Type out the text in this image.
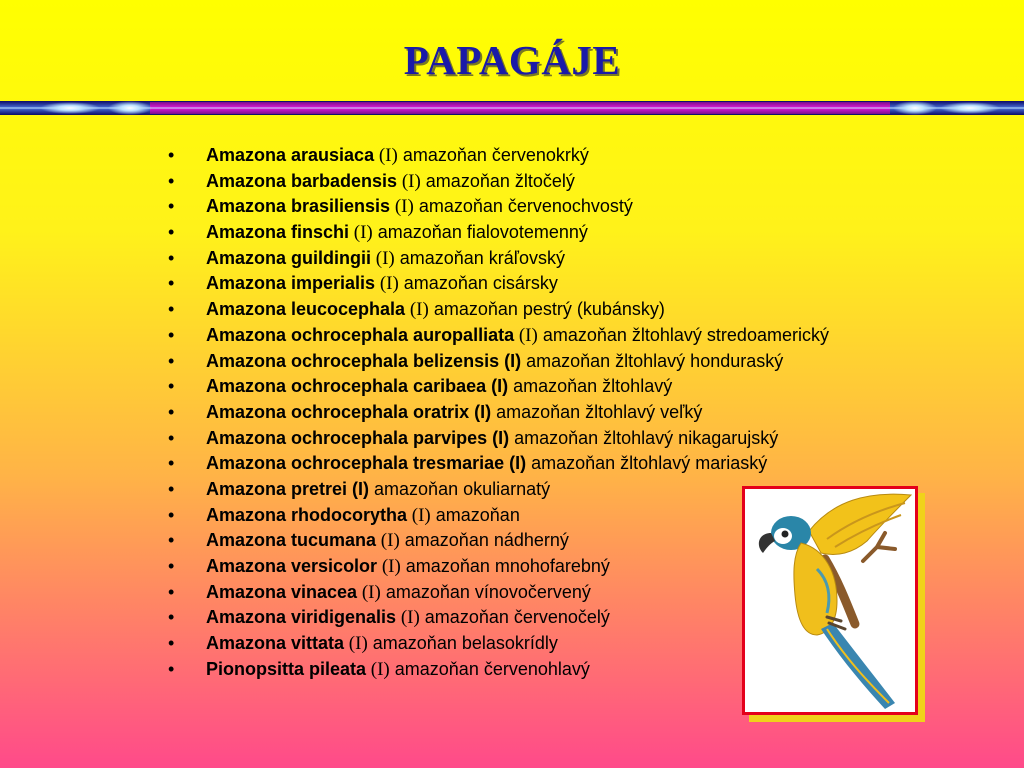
PAPAGÁJE
• Amazona arausiaca (I) amazoňan červenokrký
• Amazona barbadensis (I) amazoňan žltočelý
• Amazona brasiliensis (I) amazoňan červenochvostý
• Amazona finschi (I) amazoňan fialovotemenný
• Amazona guildingii (I) amazoňan kráľovský
• Amazona imperialis (I) amazoňan cisársky
• Amazona leucocephala (I) amazoňan pestrý (kubánsky)
• Amazona ochrocephala auropalliata (I) amazoňan žltohlavý stredoamerický
• Amazona ochrocephala belizensis (I) amazoňan žltohlavý honduraský
• Amazona ochrocephala caribaea (I) amazoňan žltohlavý
• Amazona ochrocephala oratrix (I) amazoňan žltohlavý veľký
• Amazona ochrocephala parvipes (I) amazoňan žltohlavý nikagarujský
• Amazona ochrocephala tresmariae (I) amazoňan žltohlavý mariaský
• Amazona pretrei (I) amazoňan okuliarnatý
• Amazona rhodocorytha (I) amazoňan
• Amazona tucumana (I) amazoňan nádherný
• Amazona versicolor (I) amazoňan mnohofarebný
• Amazona vinacea (I) amazoňan vínovočervený
• Amazona viridigenalis (I) amazoňan červenočelý
• Amazona vittata (I) amazoňan belasokrídly
• Pionopsitta pileata (I) amazoňan červenohlavý
